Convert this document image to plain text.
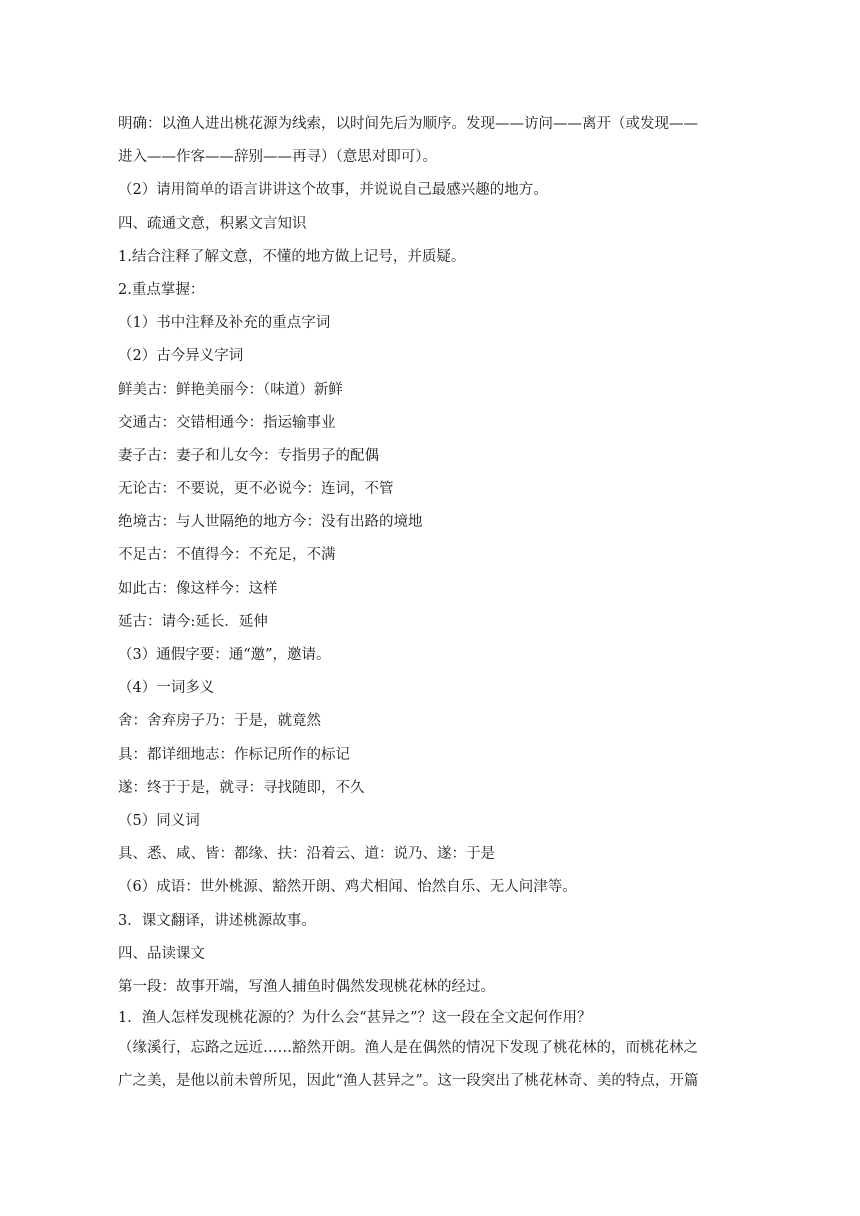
明确：以渔人进出桃花源为线索，以时间先后为顺序。发现——访问——离开（或发现——

进入——作客——辞别——再寻）（意思对即可）。

（2）请用简单的语言讲讲这个故事，并说说自己最感兴趣的地方。

四、疏通文意，积累文言知识

1.结合注释了解文意，不懂的地方做上记号，并质疑。

2.重点掌握：

（1）书中注释及补充的重点字词

（2）古今异义字词

鲜美古：鲜艳美丽今：（味道）新鲜

交通古：交错相通今：指运输事业

妻子古：妻子和儿女今：专指男子的配偶

无论古：不要说，更不必说今：连词，不管

绝境古：与人世隔绝的地方今：没有出路的境地

不足古：不值得今：不充足，不满

如此古：像这样今：这样

延古：请今:延长．延伸

（3）通假字要：通“邀”，邀请。

（4）一词多义

舍：舍弃房子乃：于是，就竟然

具：都详细地志：作标记所作的标记

遂：终于于是，就寻：寻找随即，不久

（5）同义词

具、悉、咸、皆：都缘、扶：沿着云、道：说乃、遂：于是

（6）成语：世外桃源、豁然开朗、鸡犬相闻、怡然自乐、无人问津等。

3．课文翻译，讲述桃源故事。

四、品读课文

第一段：故事开端，写渔人捕鱼时偶然发现桃花林的经过。

1．渔人怎样发现桃花源的？为什么会“甚异之”？这一段在全文起何作用？

（缘溪行，忘路之远近……豁然开朗。渔人是在偶然的情况下发现了桃花林的，而桃花林之

广之美，是他以前未曾所见，因此“渔人甚异之”。这一段突出了桃花林奇、美的特点，开篇
